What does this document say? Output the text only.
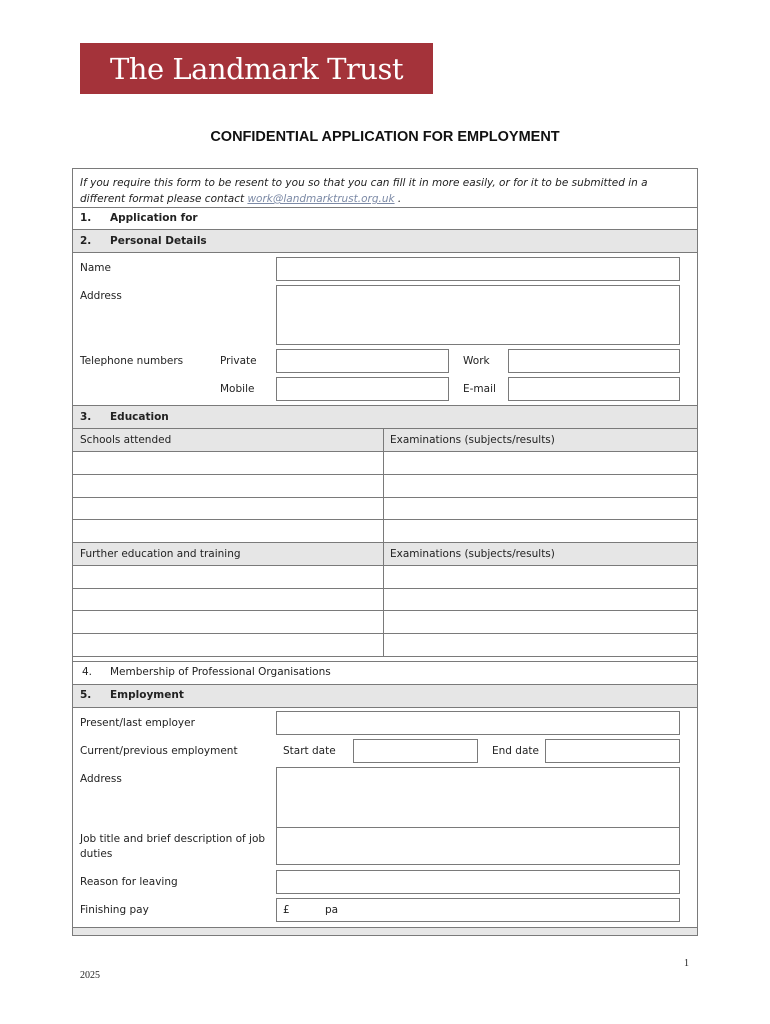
The Landmark Trust
CONFIDENTIAL APPLICATION FOR EMPLOYMENT
If you require this form to be resent to you so that you can fill it in more easily, or for it to be submitted in a different format please contact work@landmarktrust.org.uk .
1. Application for
2. Personal Details
Name
Address
Telephone numbers	Private	Work
Mobile	E-mail
3. Education
Schools attended	Examinations (subjects/results)
Further education and training	Examinations (subjects/results)
4. Membership of Professional Organisations
5. Employment
Present/last employer
Current/previous employment	Start date	End date
Address
Job title and brief description of job
duties
Reason for leaving
Finishing pay	£	pa
1
2025
